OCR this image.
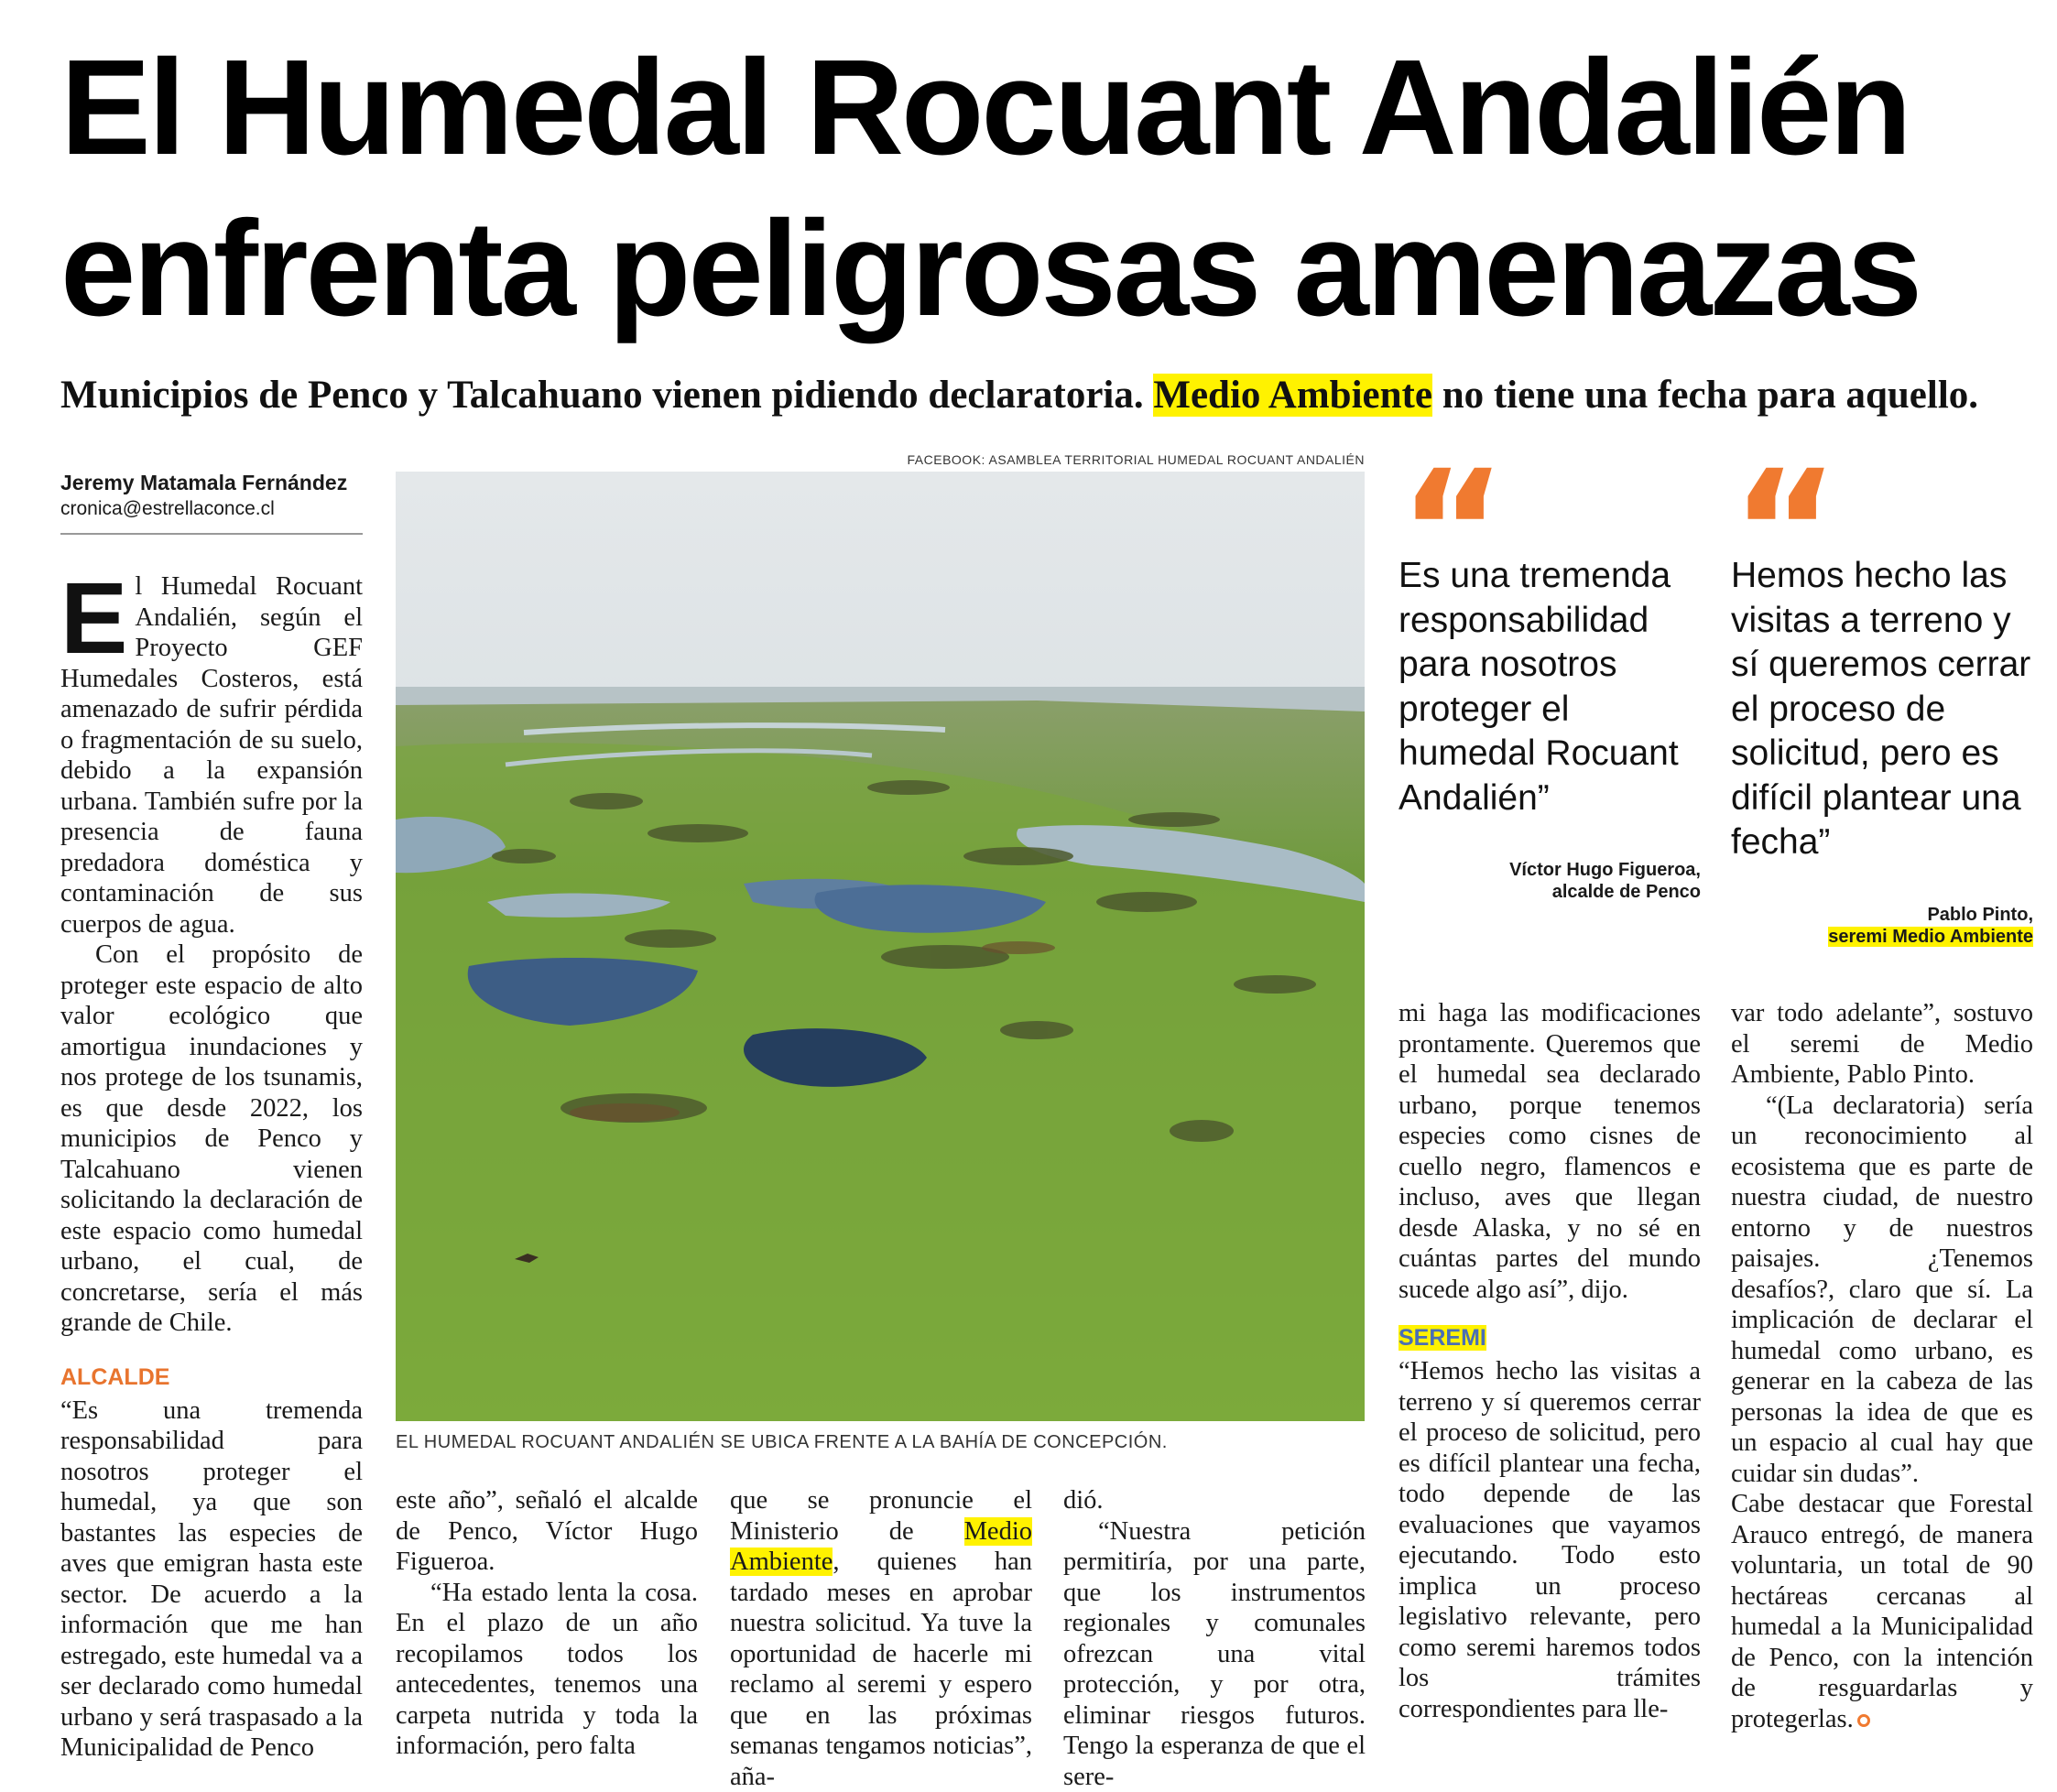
El Humedal Rocuant Andalién
enfrenta peligrosas amenazas
Municipios de Penco y Talcahuano vienen pidiendo declaratoria. Medio Ambiente no tiene una fecha para aquello.
Jeremy Matamala Fernández
cronica@estrellaconce.cl

El Humedal Rocuant Andalién, según el Proyecto GEF Humedales Costeros, está amenazado de sufrir pérdida o fragmentación de su suelo, debido a la expansión urbana. También sufre por la presencia de fauna predadora doméstica y contaminación de sus cuerpos de agua.

Con el propósito de proteger este espacio de alto valor ecológico que amortigua inundaciones y nos protege de los tsunamis, es que desde 2022, los municipios de Penco y Talcahuano vienen solicitando la declaración de este espacio como humedal urbano, el cual, de concretarse, sería el más grande de Chile.

ALCALDE

“Es una tremenda responsabilidad para nosotros proteger el humedal, ya que son bastantes las especies de aves que emigran hasta este sector. De acuerdo a la información que me han estregado, este humedal va a ser declarado como humedal urbano y será traspasado a la Municipalidad de Penco

FACEBOOK: ASAMBLEA TERRITORIAL HUMEDAL ROCUANT ANDALIÉN
EL HUMEDAL ROCUANT ANDALIÉN SE UBICA FRENTE A LA BAHÍA DE CONCEPCIÓN.

este año”, señaló el alcalde de Penco, Víctor Hugo Figueroa.

“Ha estado lenta la cosa. En el plazo de un año recopilamos todos los antecedentes, tenemos una carpeta nutrida y toda la información, pero falta

que se pronuncie el Ministerio de Medio Ambiente, quienes han tardado meses en aprobar nuestra solicitud. Ya tuve la oportunidad de hacerle mi reclamo al seremi y espero que en las próximas semanas tengamos noticias”, aña-

dió.

“Nuestra petición permitiría, por una parte, que los instrumentos regionales y comunales ofrezcan una vital protección, y por otra, eliminar riesgos futuros. Tengo la esperanza de que el sere-

Es una tremenda responsabilidad para nosotros proteger el humedal Rocuant Andalién”
Víctor Hugo Figueroa,
alcalde de Penco
Hemos hecho las visitas a terreno y sí queremos cerrar el proceso de solicitud, pero es difícil plantear una fecha”
Pablo Pinto,
seremi Medio Ambiente

mi haga las modificaciones prontamente. Queremos que el humedal sea declarado urbano, porque tenemos especies como cisnes de cuello negro, flamencos e incluso, aves que llegan desde Alaska, y no sé en cuántas partes del mundo sucede algo así”, dijo.

SEREMI

“Hemos hecho las visitas a terreno y sí queremos cerrar el proceso de solicitud, pero es difícil plantear una fecha, todo depende de las evaluaciones que vayamos ejecutando. Todo esto implica un proceso legislativo relevante, pero como seremi haremos todos los trámites correspondientes para lle-

var todo adelante”, sostuvo el seremi de Medio Ambiente, Pablo Pinto.

“(La declaratoria) sería un reconocimiento al ecosistema que es parte de nuestra ciudad, de nuestro entorno y de nuestros paisajes. ¿Tenemos desafíos?, claro que sí. La implicación de declarar el humedal como urbano, es generar en la cabeza de las personas la idea de que es un espacio al cual hay que cuidar sin dudas”.

Cabe destacar que Forestal Arauco entregó, de manera voluntaria, un total de 90 hectáreas cercanas al humedal a la Municipalidad de Penco, con la intención de resguardarlas y protegerlas.
